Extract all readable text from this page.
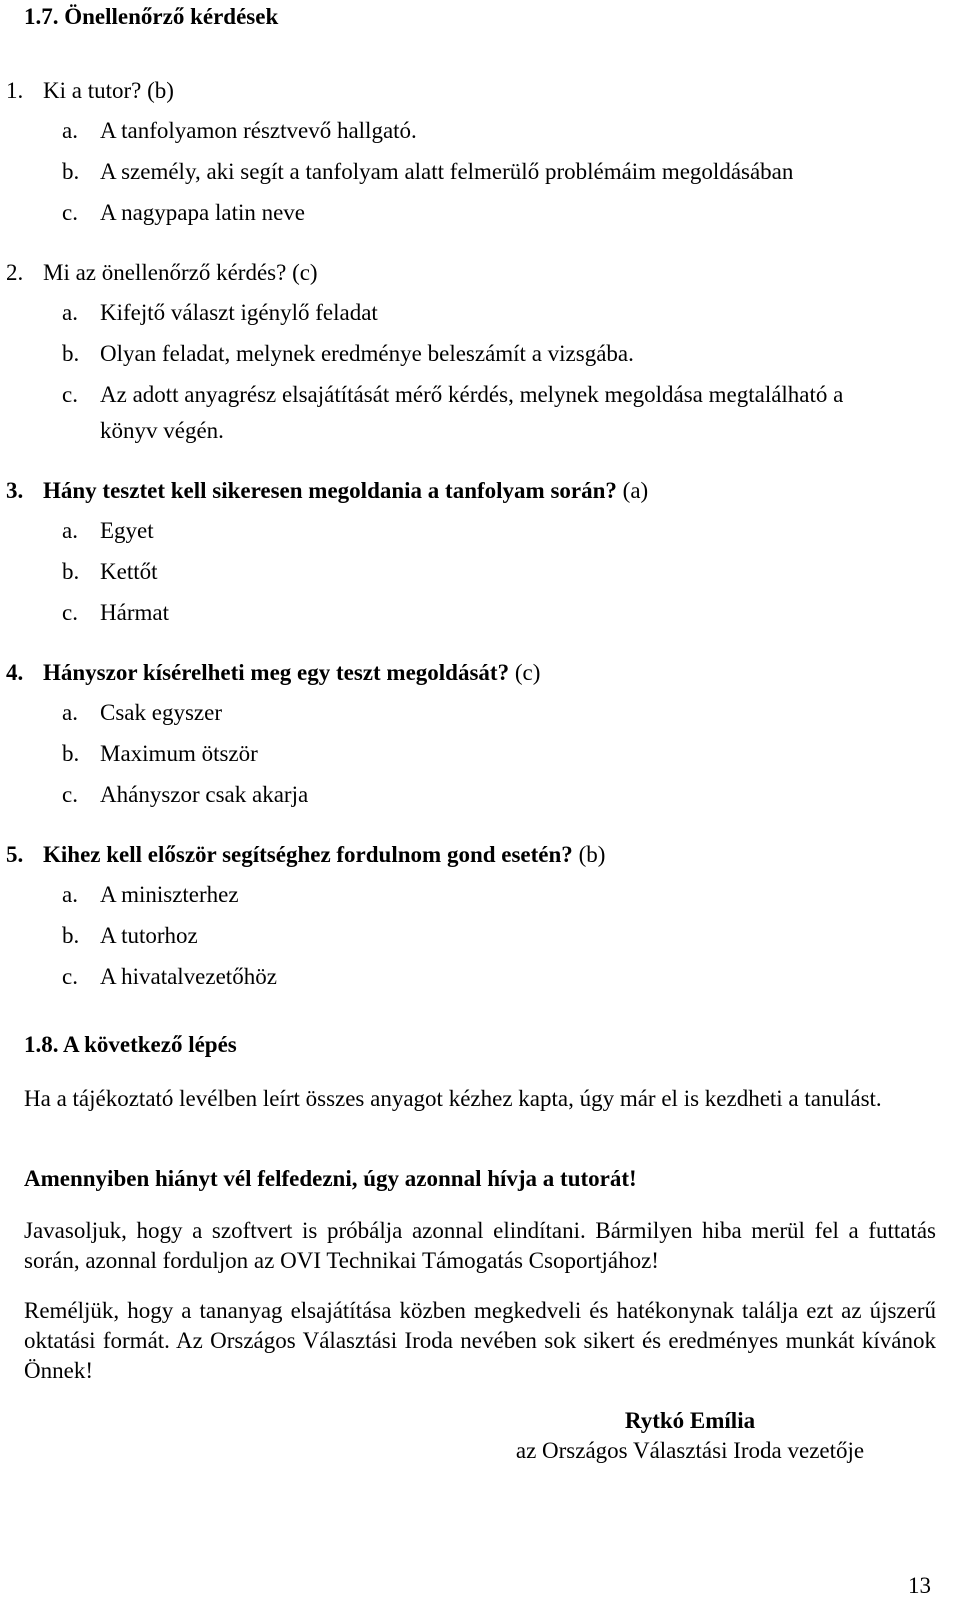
1.7. Önellenőrző kérdések
1. Ki a tutor? (b)
a. A tanfolyamon résztvevő hallgató.
b. A személy, aki segít a tanfolyam alatt felmerülő problémáim megoldásában
c. A nagypapa latin neve
2. Mi az önellenőrző kérdés? (c)
a. Kifejtő választ igénylő feladat
b. Olyan feladat, melynek eredménye beleszámít a vizsgába.
c. Az adott anyagrész elsajátítását mérő kérdés, melynek megoldása megtalálható a
könyv végén.
3. Hány tesztet kell sikeresen megoldania a tanfolyam során? (a)
a. Egyet
b. Kettőt
c. Hármat
4. Hányszor kísérelheti meg egy teszt megoldását? (c)
a. Csak egyszer
b. Maximum ötször
c. Ahányszor csak akarja
5. Kihez kell először segítséghez fordulnom gond esetén? (b)
a. A miniszterhez
b. A tutorhoz
c. A hivatalvezetőhöz
1.8. A következő lépés
Ha a tájékoztató levélben leírt összes anyagot kézhez kapta, úgy már el is kezdheti a tanulást.
Amennyiben hiányt vél felfedezni, úgy azonnal hívja a tutorát!
Javasoljuk, hogy a szoftvert is próbálja azonnal elindítani. Bármilyen hiba merül fel a futtatás során, azonnal forduljon az OVI Technikai Támogatás Csoportjához!
Reméljük, hogy a tananyag elsajátítása közben megkedveli és hatékonynak találja ezt az újszerű oktatási formát. Az Országos Választási Iroda nevében sok sikert és eredményes munkát kívánok Önnek!
Rytkó Emília
az Országos Választási Iroda vezetője
13
